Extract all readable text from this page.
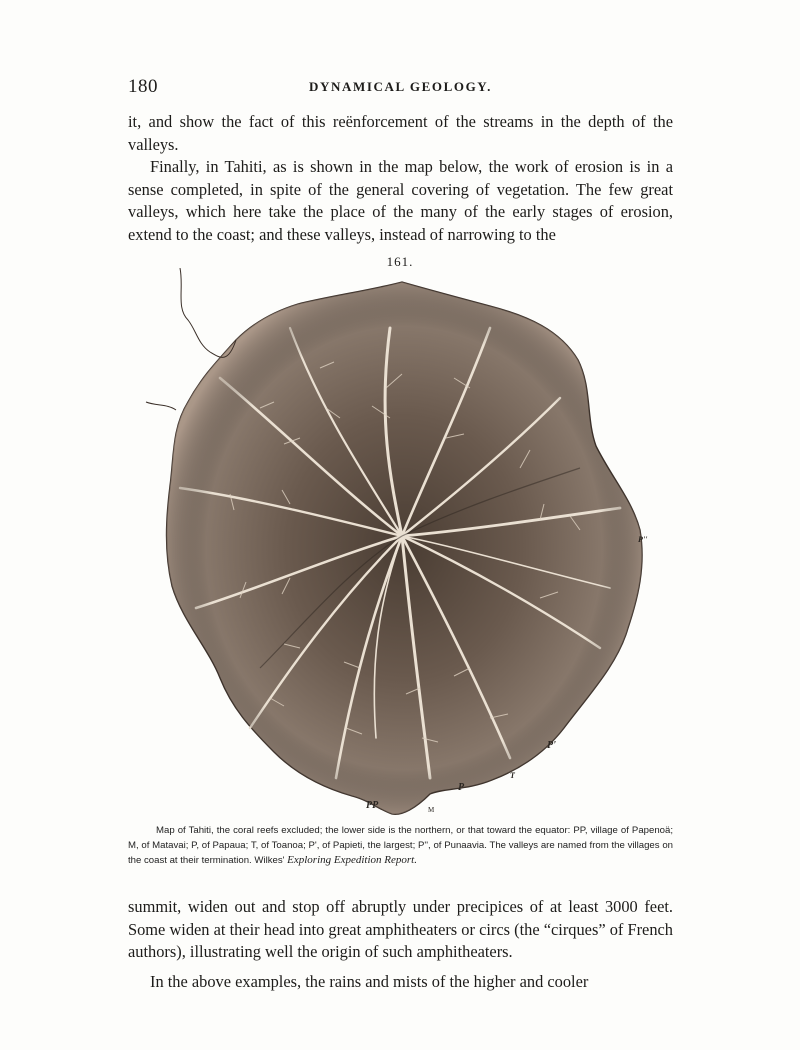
180	DYNAMICAL GEOLOGY.

it, and show the fact of this reënforcement of the streams in the depth of the valleys.

Finally, in Tahiti, as is shown in the map below, the work of erosion is in a sense completed, in spite of the general covering of vegetation. The few great valleys, which here take the place of the many of the early stages of erosion, extend to the coast; and these valleys, instead of narrowing to the

161.
PP	M
P
T
P'
P''

Map of Tahiti, the coral reefs excluded; the lower side is the northern, or that toward the equator: PP, village of Papenoä; M, of Matavai; P, of Papaua; T, of Toanoa; P', of Papieti, the largest; P'', of Punaavia. The valleys are named from the villages on the coast at their termination. Wilkes' Exploring Expedition Report.

summit, widen out and stop off abruptly under precipices of at least 3000 feet. Some widen at their head into great amphitheaters or circs (the “cirques” of French authors), illustrating well the origin of such amphitheaters.

In the above examples, the rains and mists of the higher and cooler
